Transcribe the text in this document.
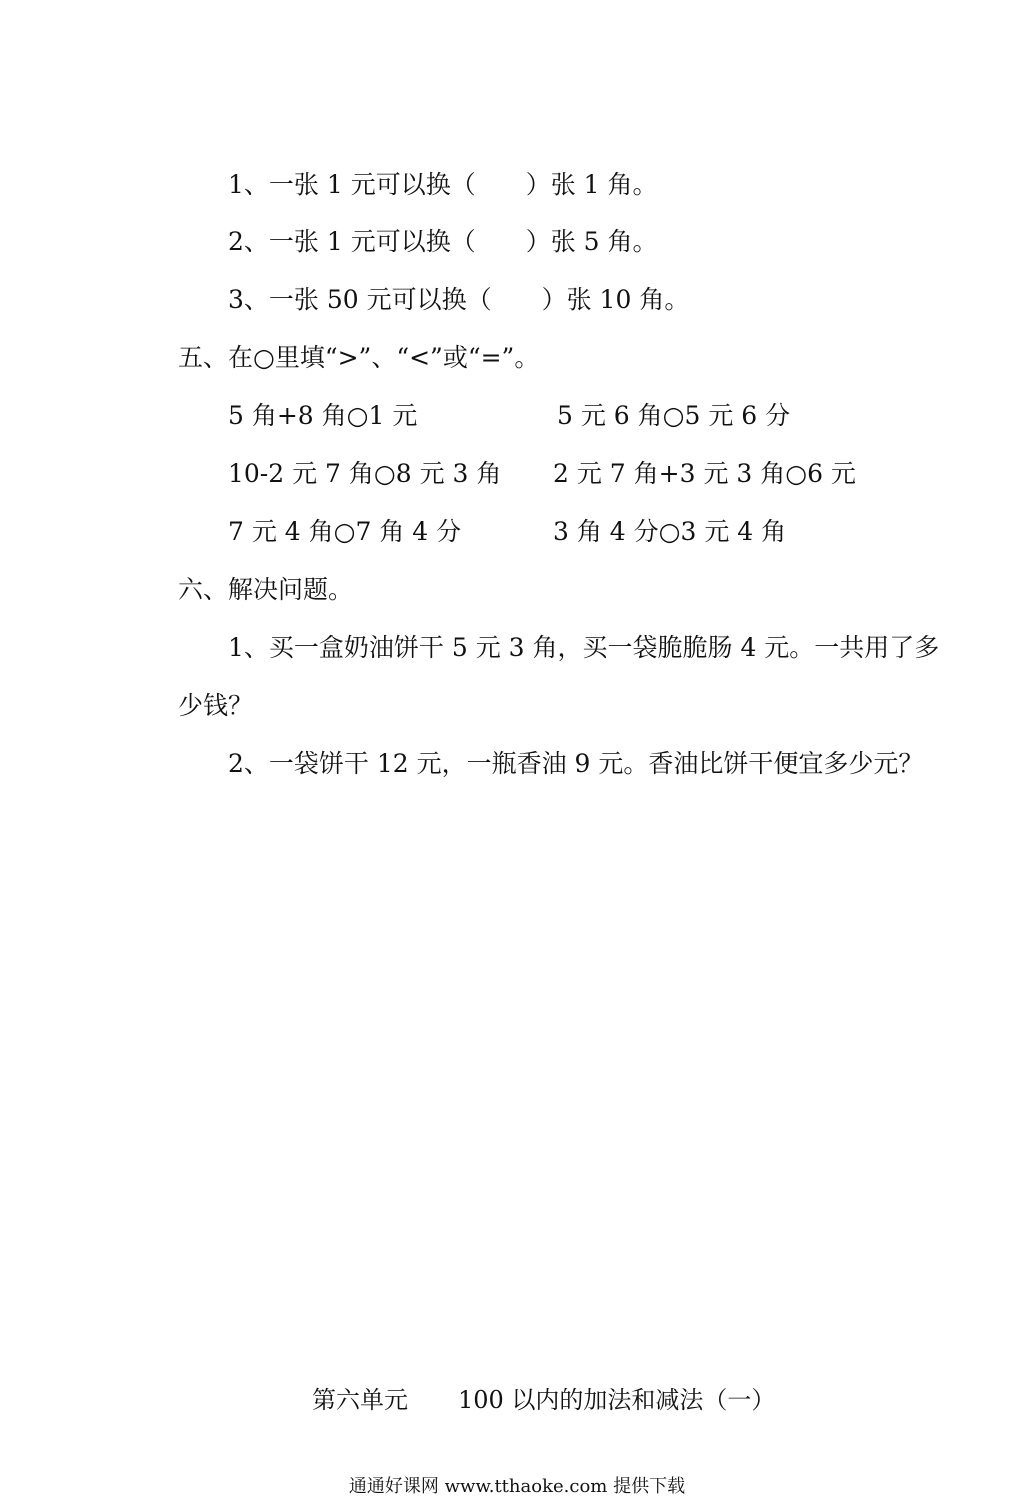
1、一张 1 元可以换（　　）张 1 角。
2、一张 1 元可以换（　　）张 5 角。
3、一张 50 元可以换（　　）张 10 角。
五、在○里填“>”、“<”或“=”。
5 角+8 角○1 元	5 元 6 角○5 元 6 分
10-2 元 7 角○8 元 3 角 2 元 7 角+3 元 3 角○6 元
7 元 4 角○7 角 4 分	3 角 4 分○3 元 4 角
六、解决问题。
1、买一盒奶油饼干 5 元 3 角，买一袋脆脆肠 4 元。一共用了多
少钱？
2、一袋饼干 12 元，一瓶香油 9 元。香油比饼干便宜多少元？
第六单元 100 以内的加法和减法（一）
通通好课网 www.tthaoke.com 提供下载
